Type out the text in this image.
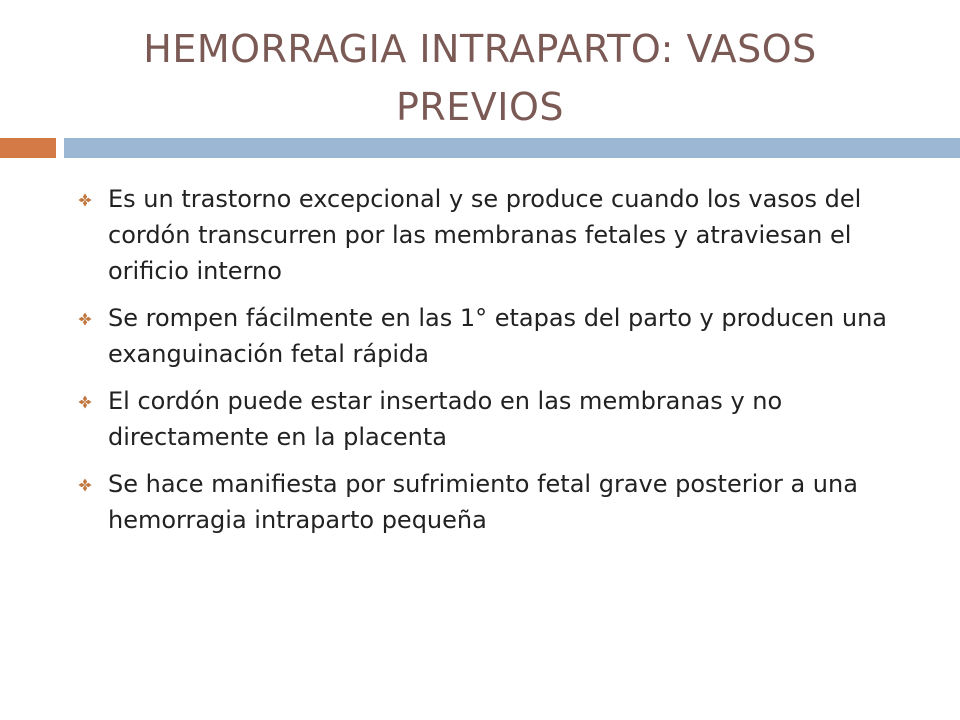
HEMORRAGIA INTRAPARTO: VASOS PREVIOS
Es un trastorno excepcional y se produce cuando los vasos del cordón transcurren por las membranas fetales y atraviesan el orificio interno
Se rompen fácilmente en las 1° etapas del parto y producen una exanguinación fetal rápida
El cordón puede estar insertado en las membranas y no directamente en la placenta
Se hace manifiesta por sufrimiento fetal grave posterior a una hemorragia intraparto pequeña
